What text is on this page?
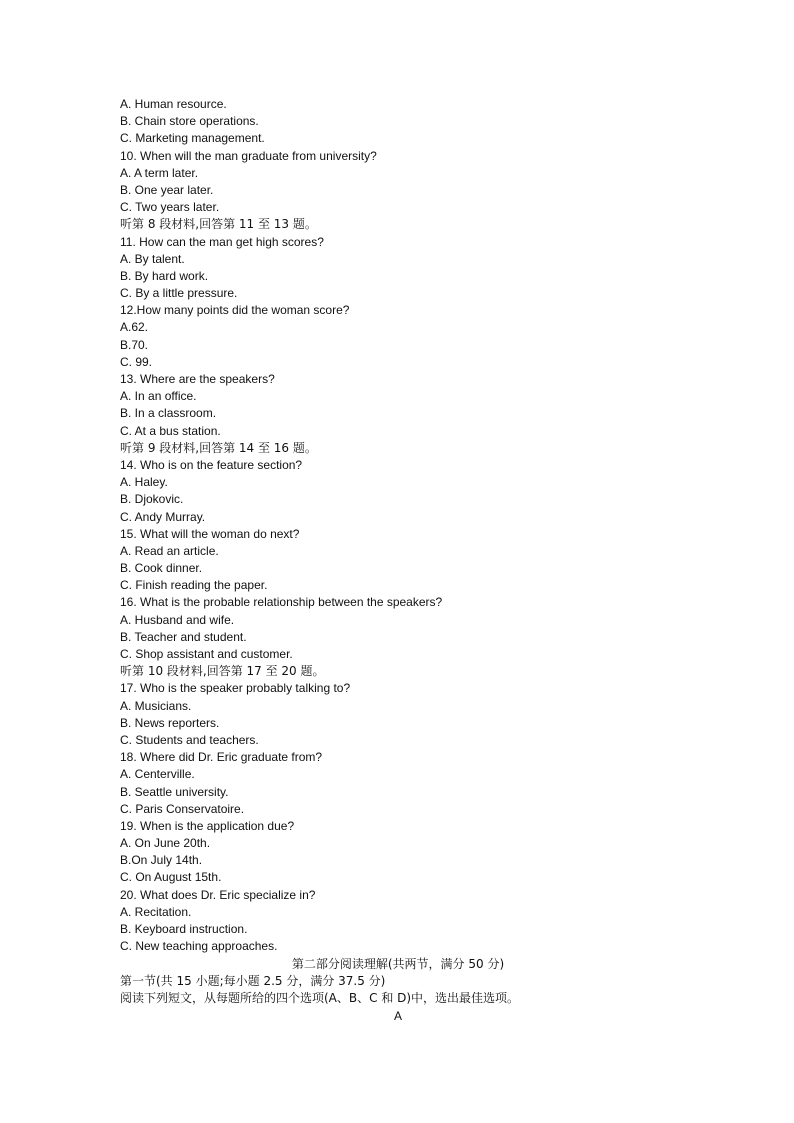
A. Human resource.
B. Chain store operations.
C. Marketing management.
10. When will the man graduate from university?
A. A term later.
B. One year later.
C. Two years later.
听第 8 段材料,回答第 11 至 13 题。
11. How can the man get high scores?
A. By talent.
B. By hard work.
C. By a little pressure.
12.How many points did the woman score?
A.62.
B.70.
C. 99.
13. Where are the speakers?
A. In an office.
B. In a classroom.
C. At a bus station.
听第 9 段材料,回答第 14 至 16 题。
14. Who is on the feature section?
A. Haley.
B. Djokovic.
C. Andy Murray.
15. What will the woman do next?
A. Read an article.
B. Cook dinner.
C. Finish reading the paper.
16. What is the probable relationship between the speakers?
A. Husband and wife.
B. Teacher and student.
C. Shop assistant and customer.
听第 10 段材料,回答第 17 至 20 题。
17. Who is the speaker probably talking to?
A. Musicians.
B. News reporters.
C. Students and teachers.
18. Where did Dr. Eric graduate from?
A. Centerville.
B. Seattle university.
C. Paris Conservatoire.
19. When is the application due?
A. On June 20th.
B.On July 14th.
C. On August 15th.
20. What does Dr. Eric specialize in?
A. Recitation.
B. Keyboard instruction.
C. New teaching approaches.
第二部分阅读理解(共两节，满分 50 分)
第一节(共 15 小题;每小题 2.5 分，满分 37.5 分)
阅读下列短文，从每题所给的四个选项(A、B、C 和 D)中，选出最佳选项。
A
